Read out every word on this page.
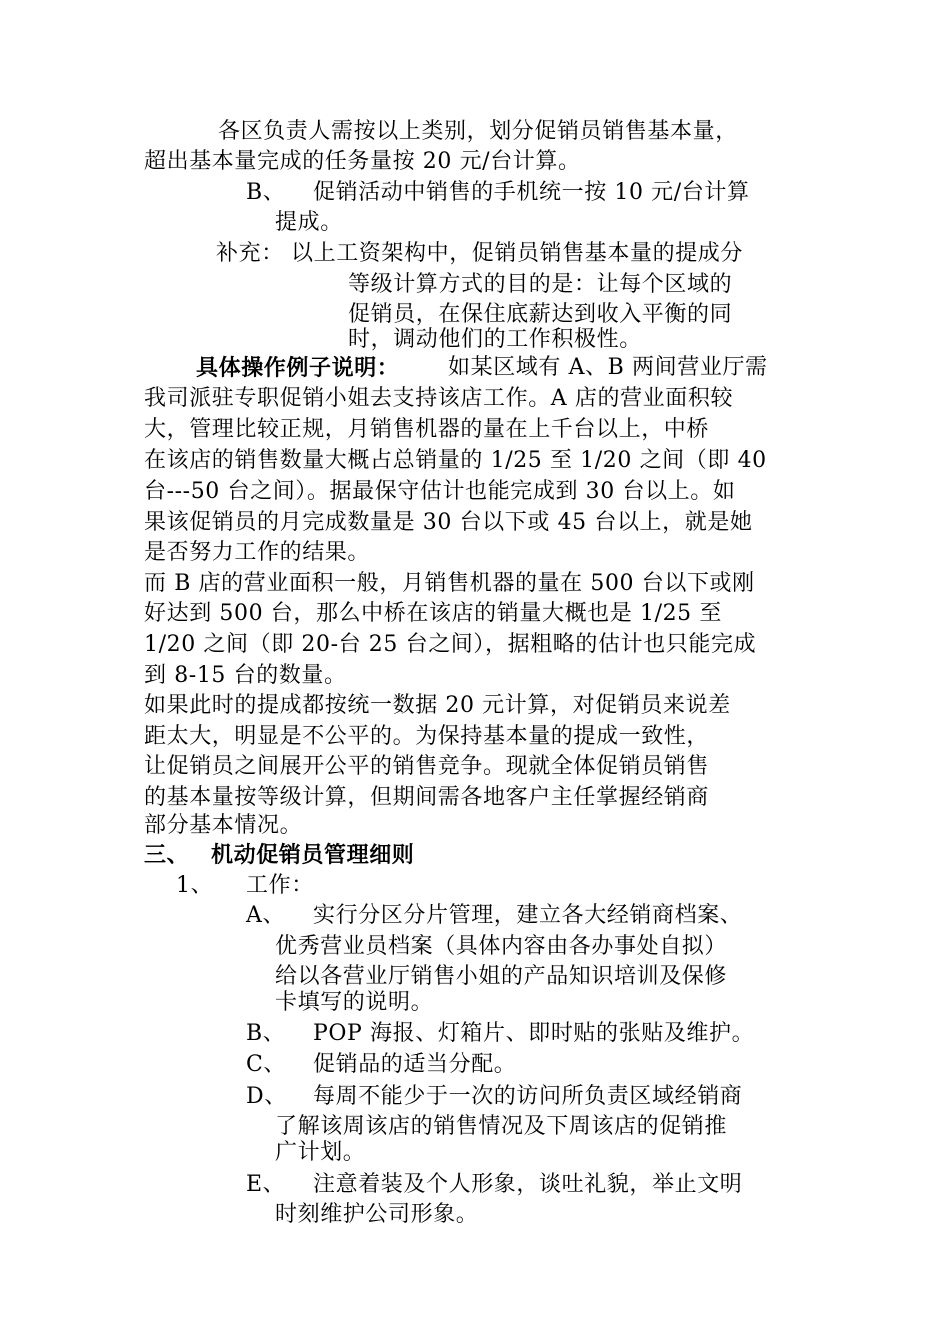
各区负责人需按以上类别，划分促销员销售基本量，
超出基本量完成的任务量按 20 元/台计算。
B、 促销活动中销售的手机统一按 10 元/台计算
提成。
补充： 以上工资架构中，促销员销售基本量的提成分
等级计算方式的目的是：让每个区域的
促销员，在保住底薪达到收入平衡的同
时，调动他们的工作积极性。
具体操作例子说明： 如某区域有 A、B 两间营业厅需
我司派驻专职促销小姐去支持该店工作。A 店的营业面积较
大，管理比较正规，月销售机器的量在上千台以上，中桥
在该店的销售数量大概占总销量的 1/25 至 1/20 之间（即 40
台---50 台之间）。据最保守估计也能完成到 30 台以上。如
果该促销员的月完成数量是 30 台以下或 45 台以上，就是她
是否努力工作的结果。
而 B 店的营业面积一般，月销售机器的量在 500 台以下或刚
好达到 500 台，那么中桥在该店的销量大概也是 1/25 至
1/20 之间（即 20-台 25 台之间），据粗略的估计也只能完成
到 8-15 台的数量。
如果此时的提成都按统一数据 20 元计算，对促销员来说差
距太大，明显是不公平的。为保持基本量的提成一致性，
让促销员之间展开公平的销售竞争。现就全体促销员销售
的基本量按等级计算，但期间需各地客户主任掌握经销商
部分基本情况。
三、 机动促销员管理细则
1、 工作：
A、 实行分区分片管理，建立各大经销商档案、
优秀营业员档案（具体内容由各办事处自拟）
给以各营业厅销售小姐的产品知识培训及保修
卡填写的说明。
B、 POP 海报、灯箱片、即时贴的张贴及维护。
C、 促销品的适当分配。
D、 每周不能少于一次的访问所负责区域经销商
了解该周该店的销售情况及下周该店的促销推
广计划。
E、 注意着装及个人形象，谈吐礼貌，举止文明
时刻维护公司形象。
